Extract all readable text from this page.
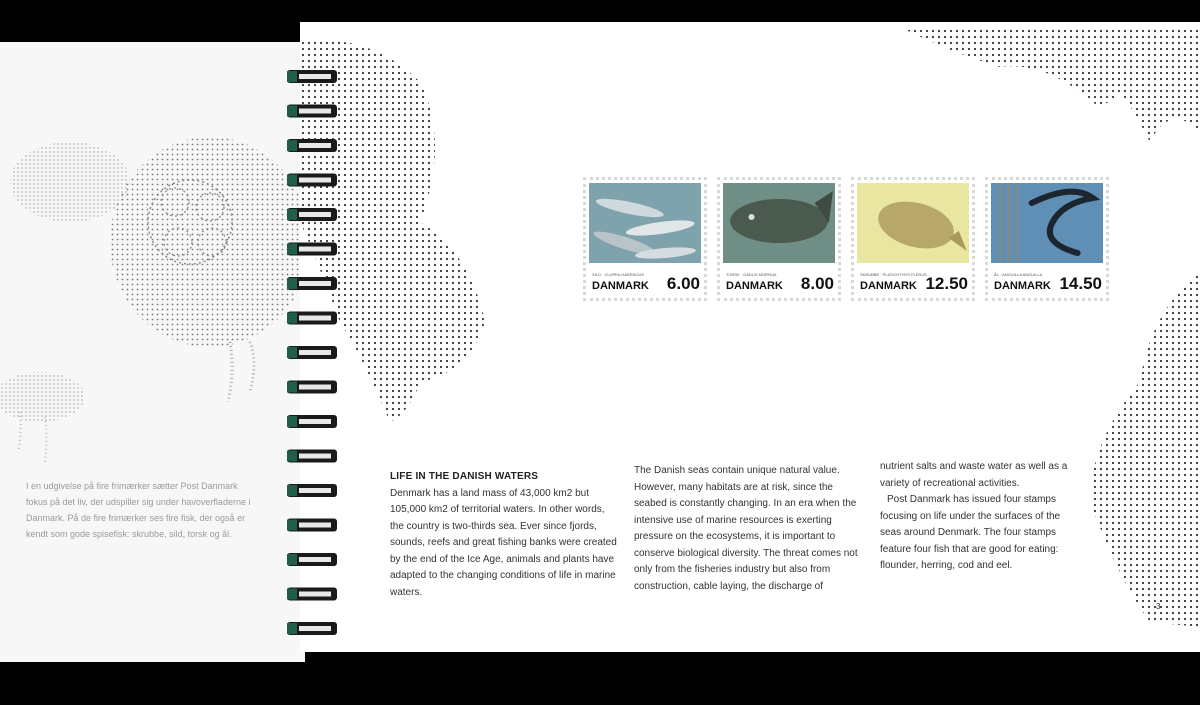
I en udgivelse på fire frimærker sætter Post Danmark fokus på det liv, der udspiller sig under havoverfladerne i Danmark. På de fire frimærker ses fire fisk, der også er kendt som gode spisefisk: skrubbe, sild, torsk og ål.
SILD · CLUPEA HARENGUS
DANMARK 6.00	TORSK · GADUS MORHUA
DANMARK 8.00	SKRUBBE · PLATICHTHYS FLESUS
DANMARK 12.50	ÅL · ANGUILLA ANGUILLA
DANMARK 14.50
LIFE IN THE DANISH WATERS
Denmark has a land mass of 43,000 km2 but 105,000 km2 of territorial waters. In other words, the country is two-thirds sea. Ever since fjords, sounds, reefs and great fishing banks were created by the end of the Ice Age, animals and plants have adapted to the changing conditions of life in marine waters.
The Danish seas contain unique natural value. However, many habitats are at risk, since the seabed is constantly changing. In an era when the intensive use of marine resources is exerting pressure on the ecosystems, it is important to conserve biological diversity. The threat comes not only from the fisheries industry but also from construction, cable laying, the discharge of
nutrient salts and waste water as well as a variety of recreational activities.
Post Danmark has issued four stamps focusing on life under the surfaces of the seas around Denmark. The four stamps feature four fish that are good for eating: flounder, herring, cod and eel.
3
